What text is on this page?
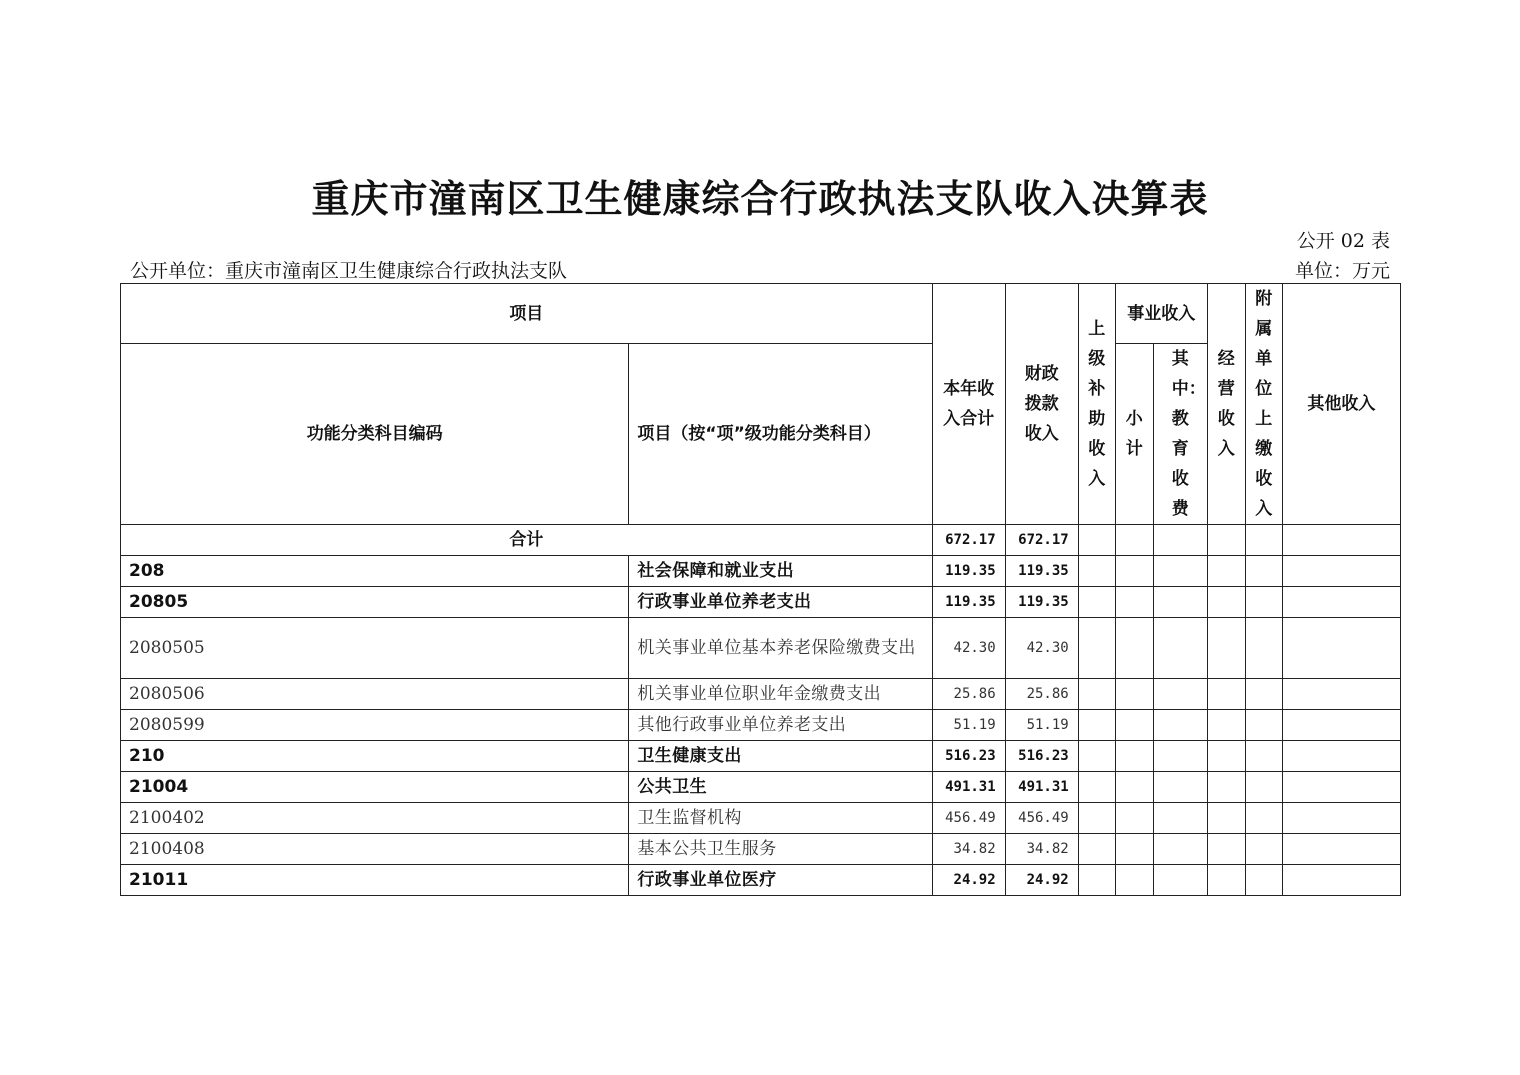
重庆市潼南区卫生健康综合行政执法支队收入决算表
公开 02 表
公开单位：重庆市潼南区卫生健康综合行政执法支队	单位：万元
项目		本年收入合计	财政拨款收入	上级补助收入	事业收入		经营收入	附属单位上缴收入	其他收入
功能分类科目编码	项目（按“项”级功能分类科目）				小计	其中：教育收费			

合计		672.17	672.17						
208	社会保障和就业支出	119.35	119.35						
20805	行政事业单位养老支出	119.35	119.35						
2080505	机关事业单位基本养老保险缴费支出	42.30	42.30						
2080506	机关事业单位职业年金缴费支出	25.86	25.86						
2080599	其他行政事业单位养老支出	51.19	51.19						
210	卫生健康支出	516.23	516.23						
21004	公共卫生	491.31	491.31						
2100402	卫生监督机构	456.49	456.49						
2100408	基本公共卫生服务	34.82	34.82						
21011	行政事业单位医疗	24.92	24.92						
